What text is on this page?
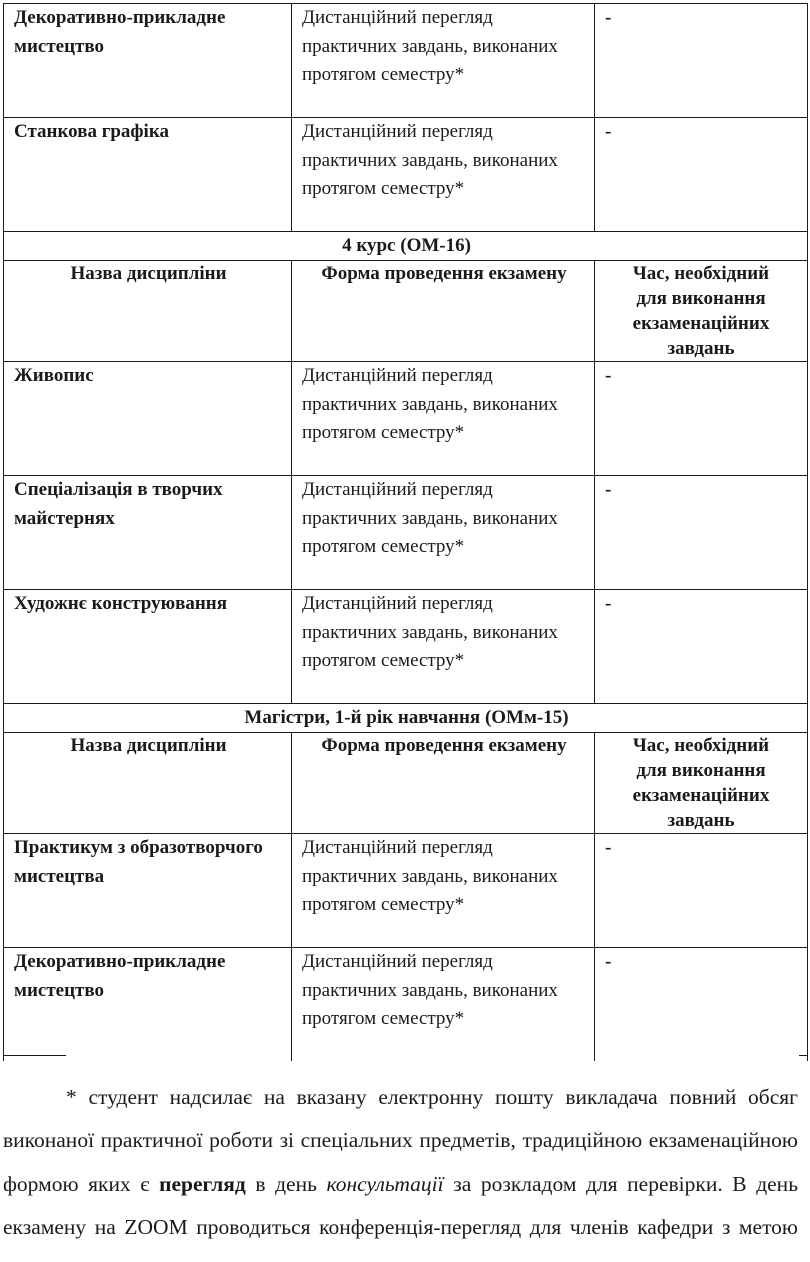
Декоративно-прикладне мистецтво	Дистанційний перегляд практичних завдань, виконаних протягом семестру*	-
Станкова графіка	Дистанційний перегляд практичних завдань, виконаних протягом семестру*	-
4 курс (ОМ-16)		
Назва дисципліни	Форма проведення екзамену	Час, необхідний для виконання екзаменаційних завдань
Живопис	Дистанційний перегляд практичних завдань, виконаних протягом семестру*	-
Спеціалізація в творчих майстернях	Дистанційний перегляд практичних завдань, виконаних протягом семестру*	-
Художнє конструювання	Дистанційний перегляд практичних завдань, виконаних протягом семестру*	-
Магістри, 1-й рік навчання (ОМм-15)		
Назва дисципліни	Форма проведення екзамену	Час, необхідний для виконання екзаменаційних завдань
Практикум з образотворчого мистецтва	Дистанційний перегляд практичних завдань, виконаних протягом семестру*	-
Декоративно-прикладне мистецтво	Дистанційний перегляд практичних завдань, виконаних протягом семестру*	-

* студент надсилає на вказану електронну пошту викладача повний обсяг виконаної практичної роботи зі спеціальних предметів, традиційною екзаменаційною формою яких є перегляд в день консультації за розкладом для перевірки. В день екзамену на ZOOM проводиться конференція-перегляд для членів кафедри з метою
